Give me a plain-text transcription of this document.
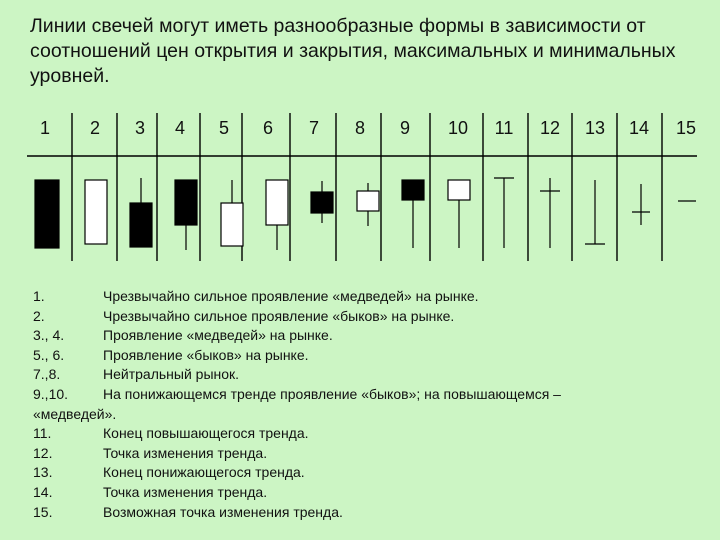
Линии свечей могут иметь разнообразные формы в зависимости от соотношений цен открытия и закрытия, максимальных и минимальных уровней.
1 2 3 4 5 6 7 8 9 10 11 12 13 14 15
1.	Чрезвычайно сильное проявление «медведей» на рынке.
2.	Чрезвычайно сильное проявление «быков» на рынке.
3., 4.	Проявление «медведей» на рынке.
5., 6.	Проявление «быков» на рынке.
7.,8.	Нейтральный рынок.
9.,10.	На понижающемся тренде проявление «быков»; на повышающемся –
«медведей».
11.	Конец повышающегося тренда.
12.	Точка изменения тренда.
13.	Конец понижающегося тренда.
14.	Точка изменения тренда.
15.	Возможная точка изменения тренда.
